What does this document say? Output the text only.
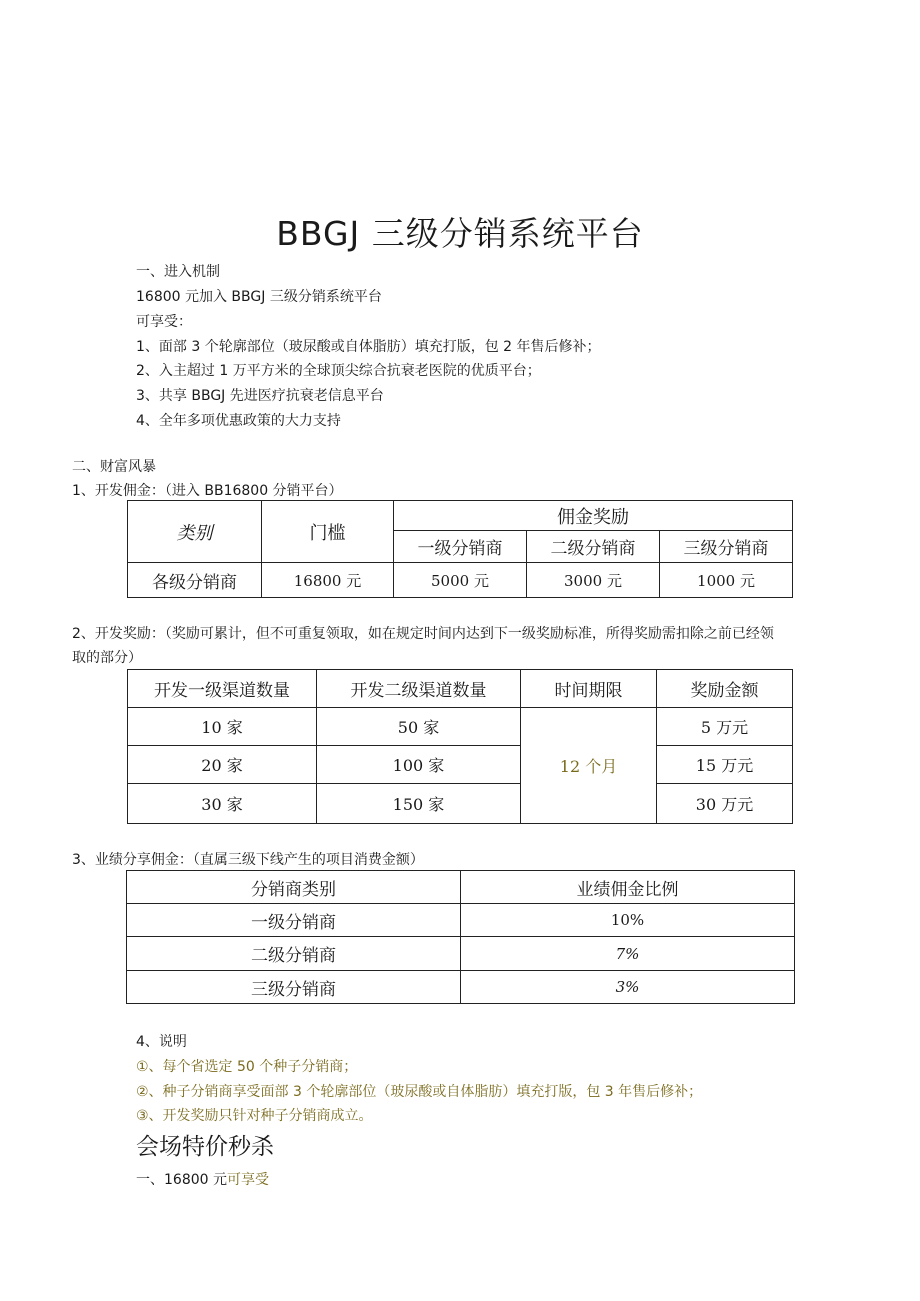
BBGJ 三级分销系统平台
一、进入机制
16800 元加入 BBGJ 三级分销系统平台
可享受：
1、面部 3 个轮廓部位（玻尿酸或自体脂肪）填充打版，包 2 年售后修补；
2、入主超过 1 万平方米的全球顶尖综合抗衰老医院的优质平台；
3、共享 BBGJ 先进医疗抗衰老信息平台
4、全年多项优惠政策的大力支持
二、财富风暴
1、开发佣金：（进入 BB16800 分销平台）
类别	门槛	佣金奖励		
		一级分销商	二级分销商	三级分销商
各级分销商	16800 元	5000 元	3000 元	1000 元
2、开发奖励：（奖励可累计，但不可重复领取，如在规定时间内达到下一级奖励标准，所得奖励需扣除之前已经领
取的部分）
开发一级渠道数量	开发二级渠道数量	时间期限	奖励金额
10 家	50 家	12 个月	5 万元
20 家	100 家		15 万元
30 家	150 家		30 万元
3、业绩分享佣金：（直属三级下线产生的项目消费金额）
分销商类别	业绩佣金比例
一级分销商	10%
二级分销商	7%
三级分销商	3%
4、说明
①、每个省选定 50 个种子分销商；
②、种子分销商享受面部 3 个轮廓部位（玻尿酸或自体脂肪）填充打版，包 3 年售后修补；
③、开发奖励只针对种子分销商成立。
会场特价秒杀
一、16800 元可享受
